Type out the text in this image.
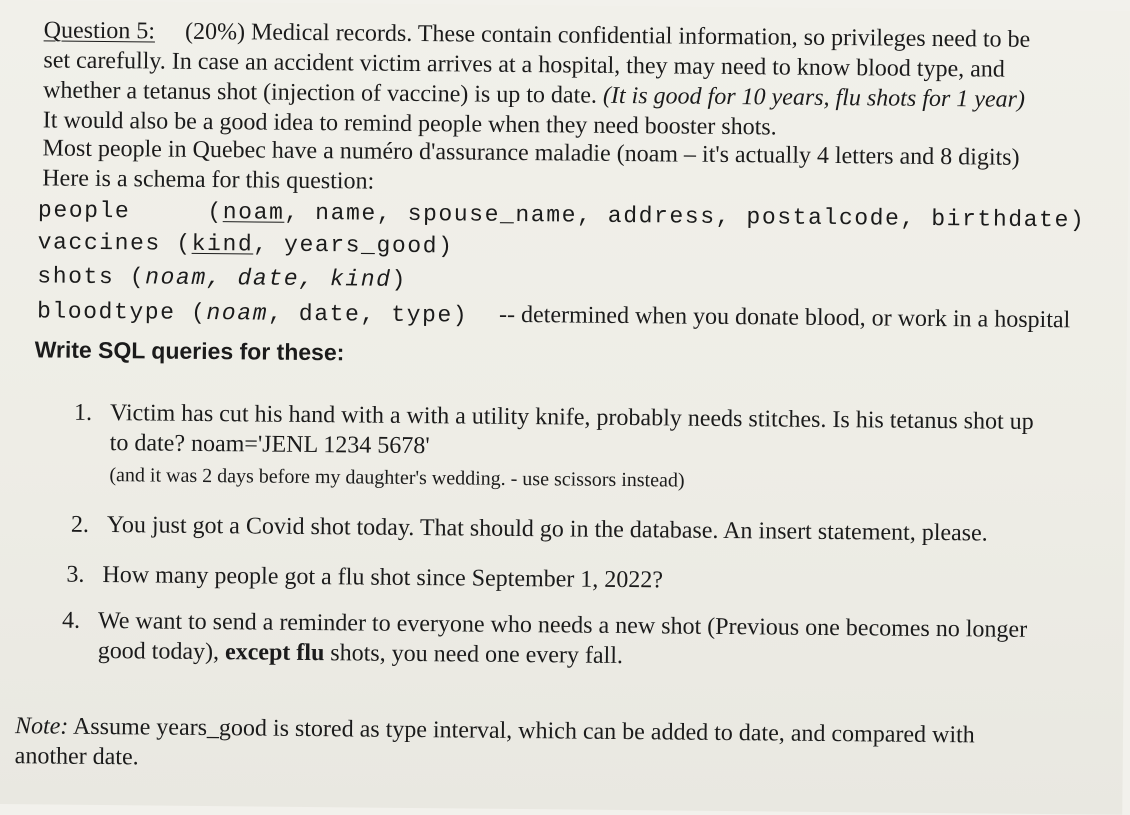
Question 5: (20%) Medical records. These contain confidential information, so privileges need to be
set carefully. In case an accident victim arrives at a hospital, they may need to know blood type, and
whether a tetanus shot (injection of vaccine) is up to date. (It is good for 10 years, flu shots for 1 year)
It would also be a good idea to remind people when they need booster shots.
Most people in Quebec have a numéro d'assurance maladie (noam – it's actually 4 letters and 8 digits)
Here is a schema for this question:
people	(noam, name, spouse_name, address, postalcode, birthdate)
vaccines (kind, years_good)
shots (noam, date, kind)
bloodtype (noam, date, type) -- determined when you donate blood, or work in a hospital
Write SQL queries for these:
1. Victim has cut his hand with a with a utility knife, probably needs stitches. Is his tetanus shot up
to date? noam='JENL 1234 5678'
(and it was 2 days before my daughter's wedding. - use scissors instead)
2. You just got a Covid shot today. That should go in the database. An insert statement, please.
3. How many people got a flu shot since September 1, 2022?
4. We want to send a reminder to everyone who needs a new shot (Previous one becomes no longer
good today), except flu shots, you need one every fall.
Note: Assume years_good is stored as type interval, which can be added to date, and compared with
another date.
